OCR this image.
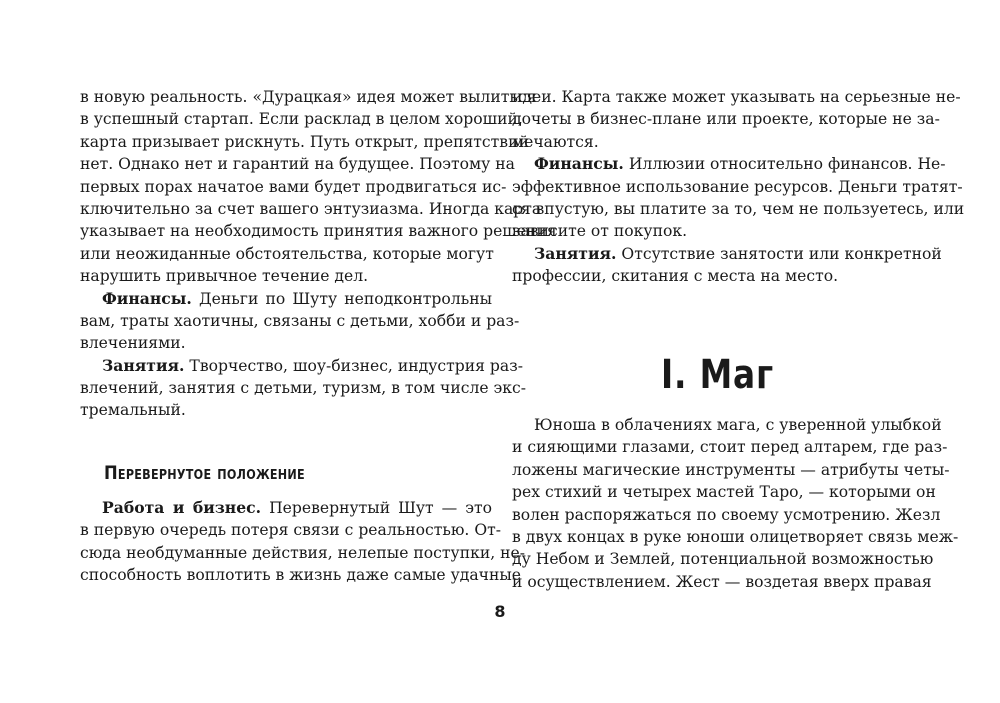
в новую реальность. «Дурацкая» идея может вылиться
в успешный стартап. Если расклад в целом хороший,
карта призывает рискнуть. Путь открыт, препятствий
нет. Однако нет и гарантий на будущее. Поэтому на
первых порах начатое вами будет продвигаться ис-
ключительно за счет вашего энтузиазма. Иногда карта
указывает на необходимость принятия важного решения
или неожиданные обстоятельства, которые могут
нарушить привычное течение дел.
Финансы. Деньги по Шуту неподконтрольны
вам, траты хаотичны, связаны с детьми, хобби и раз-
влечениями.
Занятия. Творчество, шоу-бизнес, индустрия раз-
влечений, занятия с детьми, туризм, в том числе экс-
тремальный.
Перевернутое положение
Работа и бизнес. Перевернутый Шут — это
в первую очередь потеря связи с реальностью. От-
сюда необдуманные действия, нелепые поступки, не-
способность воплотить в жизнь даже самые удачные
идеи. Карта также может указывать на серьезные не-
дочеты в бизнес-плане или проекте, которые не за-
мечаются.
Финансы. Иллюзии относительно финансов. Не-
эффективное использование ресурсов. Деньги тратят-
ся впустую, вы платите за то, чем не пользуетесь, или
зависите от покупок.
Занятия. Отсутствие занятости или конкретной
профессии, скитания с места на место.
I. Маг
Юноша в облачениях мага, с уверенной улыбкой
и сияющими глазами, стоит перед алтарем, где раз-
ложены магические инструменты — атрибуты четы-
рех стихий и четырех мастей Таро, — которыми он
волен распоряжаться по своему усмотрению. Жезл
в двух концах в руке юноши олицетворяет связь меж-
ду Небом и Землей, потенциальной возможностью
и осуществлением. Жест — воздетая вверх правая
8
